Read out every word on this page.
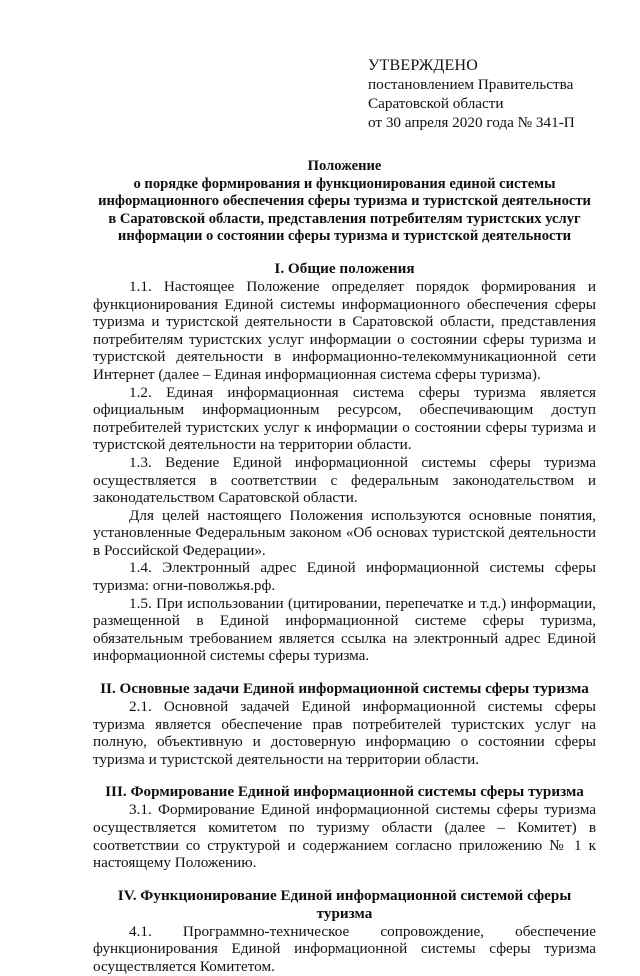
УТВЕРЖДЕНО
постановлением Правительства
Саратовской области
от 30 апреля 2020 года № 341-П
Положение
о порядке формирования и функционирования единой системы информационного обеспечения сферы туризма и туристской деятельности в Саратовской области, представления потребителям туристских услуг информации о состоянии сферы туризма и туристской деятельности
I. Общие положения

1.1. Настоящее Положение определяет порядок формирования и функционирования Единой системы информационного обеспечения сферы туризма и туристской деятельности в Саратовской области, представления потребителям туристских услуг информации о состоянии сферы туризма и туристской деятельности в информационно-телекоммуникационной сети Интернет (далее – Единая информационная система сферы туризма).

1.2. Единая информационная система сферы туризма является официальным информационным ресурсом, обеспечивающим доступ потребителей туристских услуг к информации о состоянии сферы туризма и туристской деятельности на территории области.

1.3. Ведение Единой информационной системы сферы туризма осуществляется в соответствии с федеральным законодательством и законодательством Саратовской области.

Для целей настоящего Положения используются основные понятия, установленные Федеральным законом «Об основах туристской деятельности в Российской Федерации».

1.4. Электронный адрес Единой информационной системы сферы туризма: огни-поволжья.рф.

1.5. При использовании (цитировании, перепечатке и т.д.) информации, размещенной в Единой информационной системе сферы туризма, обязательным требованием является ссылка на электронный адрес Единой информационной системы сферы туризма.

II. Основные задачи Единой информационной системы сферы туризма

2.1. Основной задачей Единой информационной системы сферы туризма является обеспечение прав потребителей туристских услуг на полную, объективную и достоверную информацию о состоянии сферы туризма и туристской деятельности на территории области.

III. Формирование Единой информационной системы сферы туризма

3.1. Формирование Единой информационной системы сферы туризма осуществляется комитетом по туризму области (далее – Комитет) в соответствии со структурой и содержанием согласно приложению № 1 к настоящему Положению.

IV. Функционирование Единой информационной системой сферы туризма

4.1. Программно-техническое сопровождение, обеспечение функционирования Единой информационной системы сферы туризма осуществляется Комитетом.
